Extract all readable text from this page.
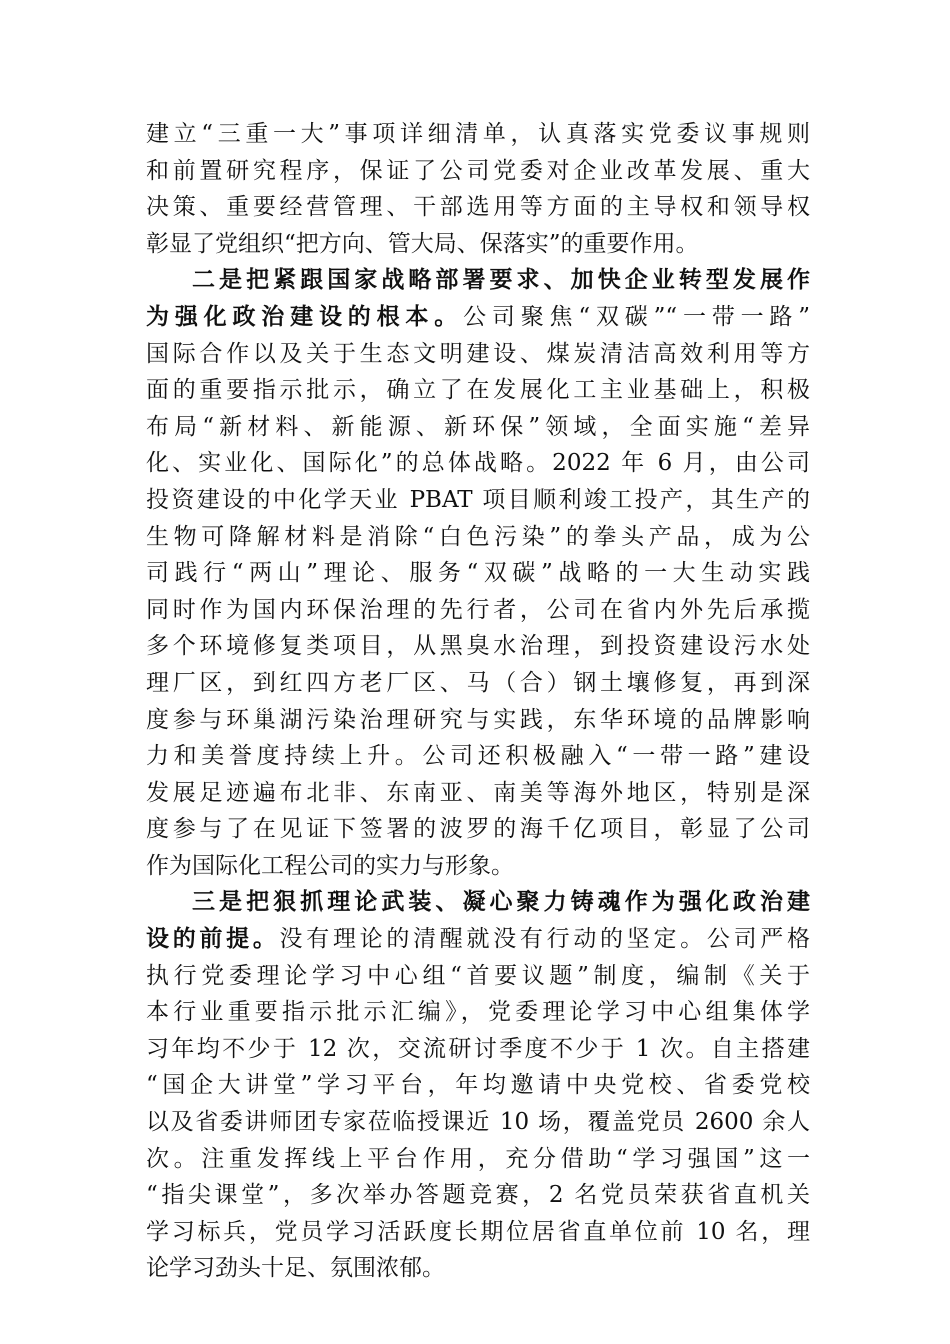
建立“三重一大”事项详细清单，认真落实党委议事规则
和前置研究程序，保证了公司党委对企业改革发展、重大
决策、重要经营管理、干部选用等方面的主导权和领导权
彰显了党组织“把方向、管大局、保落实”的重要作用。
二是把紧跟国家战略部署要求、加快企业转型发展作
为强化政治建设的根本。公司聚焦“双碳”“一带一路”
国际合作以及关于生态文明建设、煤炭清洁高效利用等方
面的重要指示批示，确立了在发展化工主业基础上，积极
布局“新材料、新能源、新环保”领域，全面实施“差异
化、实业化、国际化”的总体战略。2022 年 6 月，由公司
投资建设的中化学天业 PBAT 项目顺利竣工投产，其生产的
生物可降解材料是消除“白色污染”的拳头产品，成为公
司践行“两山”理论、服务“双碳”战略的一大生动实践
同时作为国内环保治理的先行者，公司在省内外先后承揽
多个环境修复类项目，从黑臭水治理，到投资建设污水处
理厂区，到红四方老厂区、马（合）钢土壤修复，再到深
度参与环巢湖污染治理研究与实践，东华环境的品牌影响
力和美誉度持续上升。公司还积极融入“一带一路”建设
发展足迹遍布北非、东南亚、南美等海外地区，特别是深
度参与了在见证下签署的波罗的海千亿项目，彰显了公司
作为国际化工程公司的实力与形象。
三是把狠抓理论武装、凝心聚力铸魂作为强化政治建
设的前提。没有理论的清醒就没有行动的坚定。公司严格
执行党委理论学习中心组“首要议题”制度，编制《关于
本行业重要指示批示汇编》，党委理论学习中心组集体学
习年均不少于 12 次，交流研讨季度不少于 1 次。自主搭建
“国企大讲堂”学习平台，年均邀请中央党校、省委党校
以及省委讲师团专家莅临授课近 10 场，覆盖党员 2600 余人
次。注重发挥线上平台作用，充分借助“学习强国”这一
“指尖课堂”，多次举办答题竞赛，2 名党员荣获省直机关
学习标兵，党员学习活跃度长期位居省直单位前 10 名，理
论学习劲头十足、氛围浓郁。
